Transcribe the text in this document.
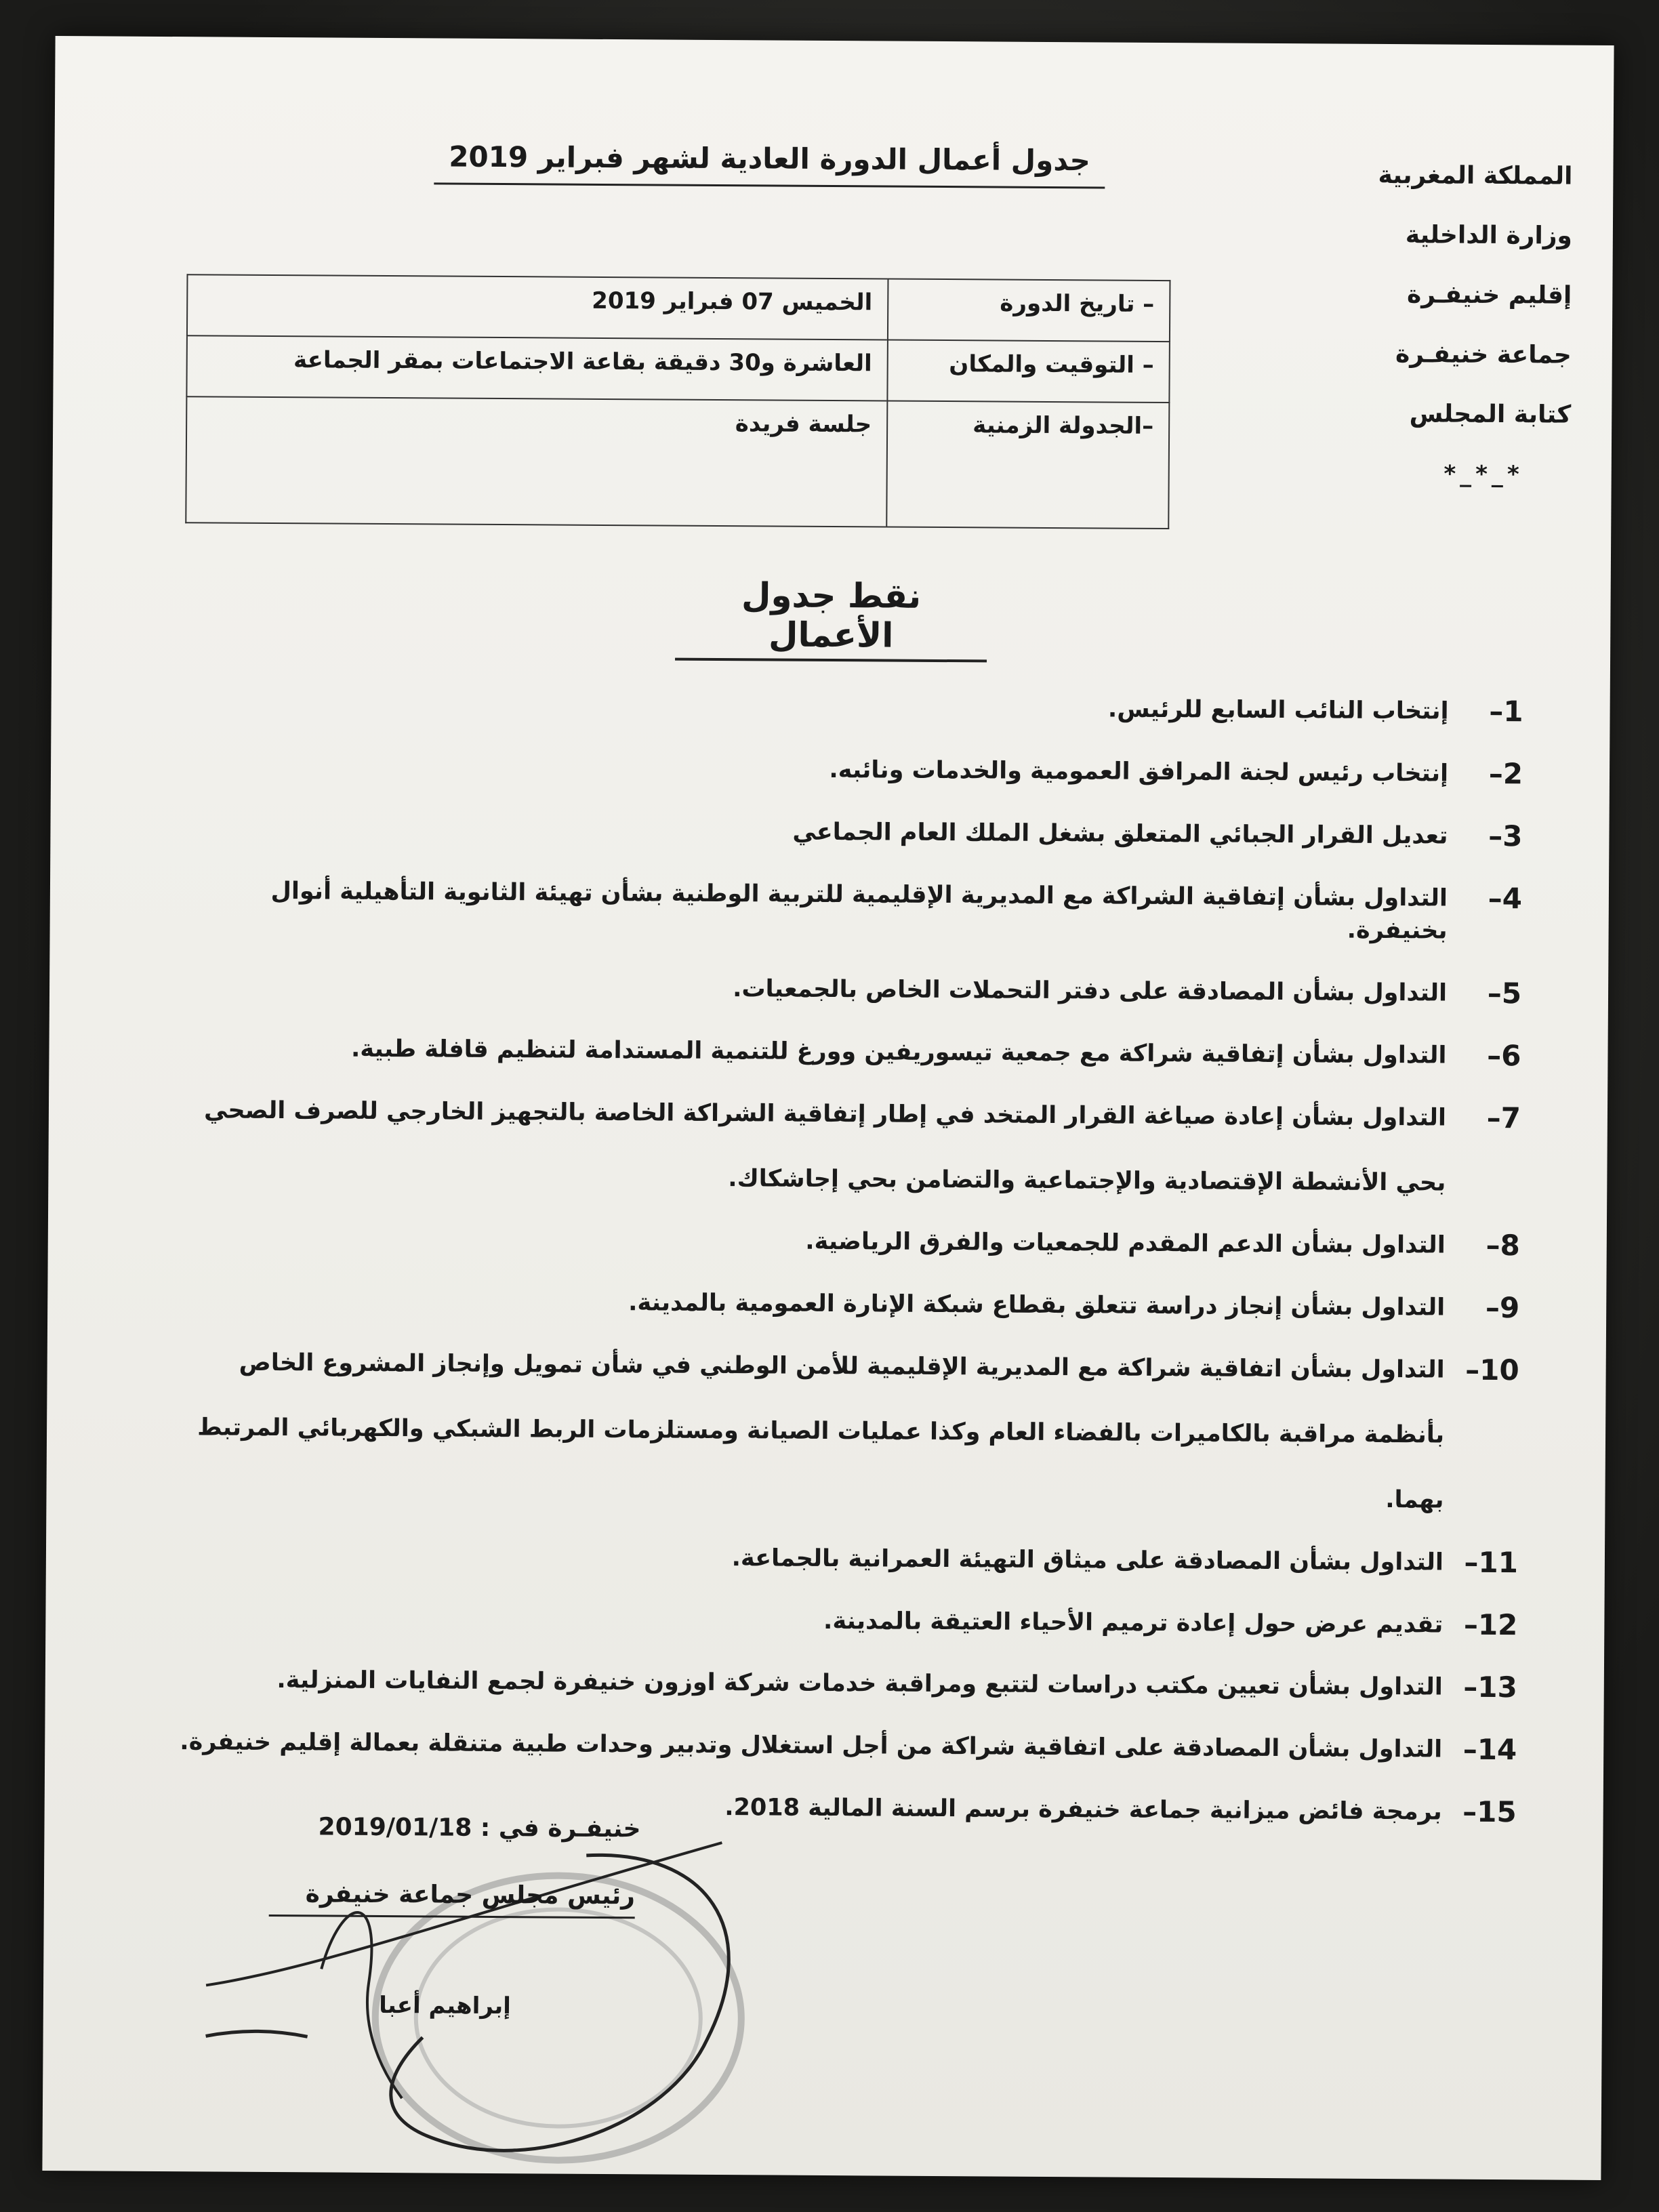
المملكة المغربية
وزارة الداخلية
إقليم خنيفـرة
جماعة خنيفـرة
كتابة المجلس
*_*_*
جدول أعمال الدورة العادية لشهر فبراير 2019
– تاريخ الدورة	الخميس 07 فبراير 2019

– التوقيت والمكان	العاشرة و30 دقيقة بقاعة الاجتماعات بمقر الجماعة

–الجدولة الزمنية	جلسة فريدة
نقط جدول الأعمال
1–
إنتخاب النائب السابع للرئيس.
2–
إنتخاب رئيس لجنة المرافق العمومية والخدمات ونائبه.
3–
تعديل القرار الجبائي المتعلق بشغل الملك العام الجماعي
4–
التداول بشأن إتفاقية الشراكة مع المديرية الإقليمية للتربية الوطنية بشأن تهيئة الثانوية التأهيلية أنوال بخنيفرة.
5–
التداول بشأن المصادقة على دفتر التحملات الخاص بالجمعيات.
6–
التداول بشأن إتفاقية شراكة مع جمعية تيسوريفين وورغ للتنمية المستدامة لتنظيم قافلة طبية.
7–
التداول بشأن إعادة صياغة القرار المتخد في إطار إتفاقية الشراكة الخاصة بالتجهيز الخارجي للصرف الصحي بحي الأنشطة الإقتصادية والإجتماعية والتضامن بحي إجاشكاك.
8–
التداول بشأن الدعم المقدم للجمعيات والفرق الرياضية.
9–
التداول بشأن إنجاز دراسة تتعلق بقطاع شبكة الإنارة العمومية بالمدينة.
10–
التداول بشأن اتفاقية شراكة مع المديرية الإقليمية للأمن الوطني في شأن تمويل وإنجاز المشروع الخاص بأنظمة مراقبة بالكاميرات بالفضاء العام وكذا عمليات الصيانة ومستلزمات الربط الشبكي والكهربائي المرتبط بهما.
11–
التداول بشأن المصادقة على ميثاق التهيئة العمرانية بالجماعة.
12–
تقديم عرض حول إعادة ترميم الأحياء العتيقة بالمدينة.
13–
التداول بشأن تعيين مكتب دراسات لتتبع ومراقبة خدمات شركة اوزون خنيفرة لجمع النفايات المنزلية.
14–
التداول بشأن المصادقة على اتفاقية شراكة من أجل استغلال وتدبير وحدات طبية متنقلة بعمالة إقليم خنيفرة.
15–
برمجة فائض ميزانية جماعة خنيفرة برسم السنة المالية 2018.
خنيفـرة في : 2019/01/18
رئيس مجلس جماعة خنيفرة
إبراهيم أعبا
